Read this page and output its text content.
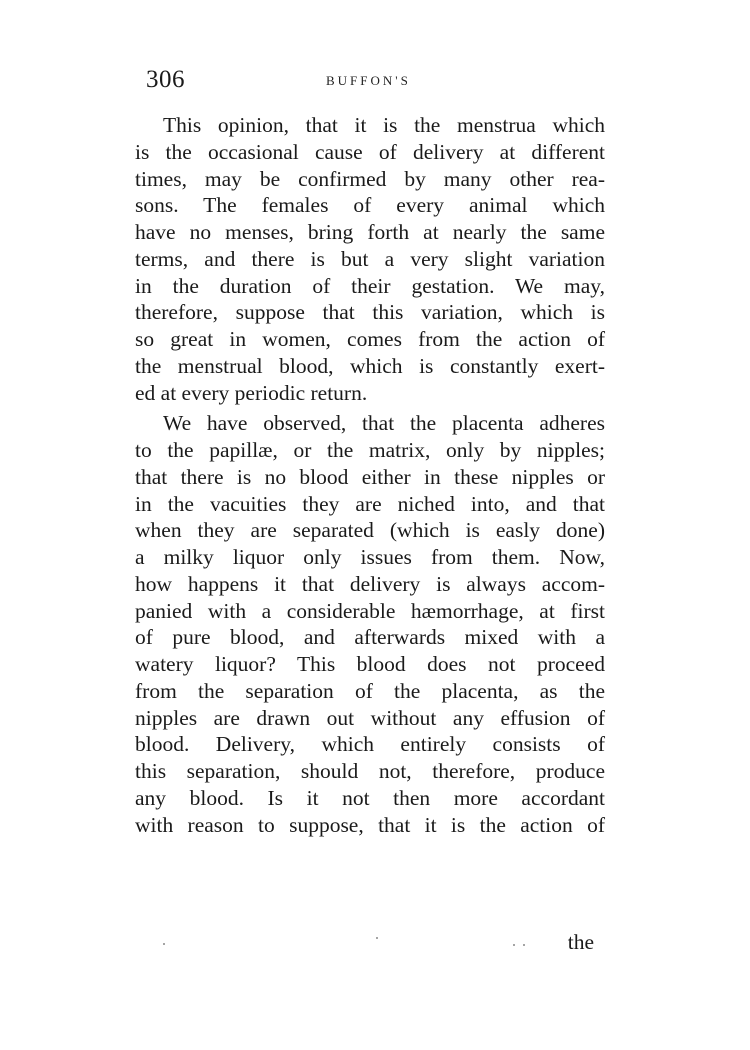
306	BUFFON'S
This opinion, that it is the menstrua which
is the occasional cause of delivery at different
times, may be confirmed by many other rea-
sons. The females of every animal which
have no menses, bring forth at nearly the same
terms, and there is but a very slight variation
in the duration of their gestation. We may,
therefore, suppose that this variation, which is
so great in women, comes from the action of
the menstrual blood, which is constantly exert-
ed at every periodic return.
We have observed, that the placenta adheres
to the papillæ, or the matrix, only by nipples;
that there is no blood either in these nipples or
in the vacuities they are niched into, and that
when they are separated (which is easly done)
a milky liquor only issues from them. Now,
how happens it that delivery is always accom-
panied with a considerable hæmorrhage, at first
of pure blood, and afterwards mixed with a
watery liquor? This blood does not proceed
from the separation of the placenta, as the
nipples are drawn out without any effusion of
blood. Delivery, which entirely consists of
this separation, should not, therefore, produce
any blood. Is it not then more accordant
with reason to suppose, that it is the action of
the
